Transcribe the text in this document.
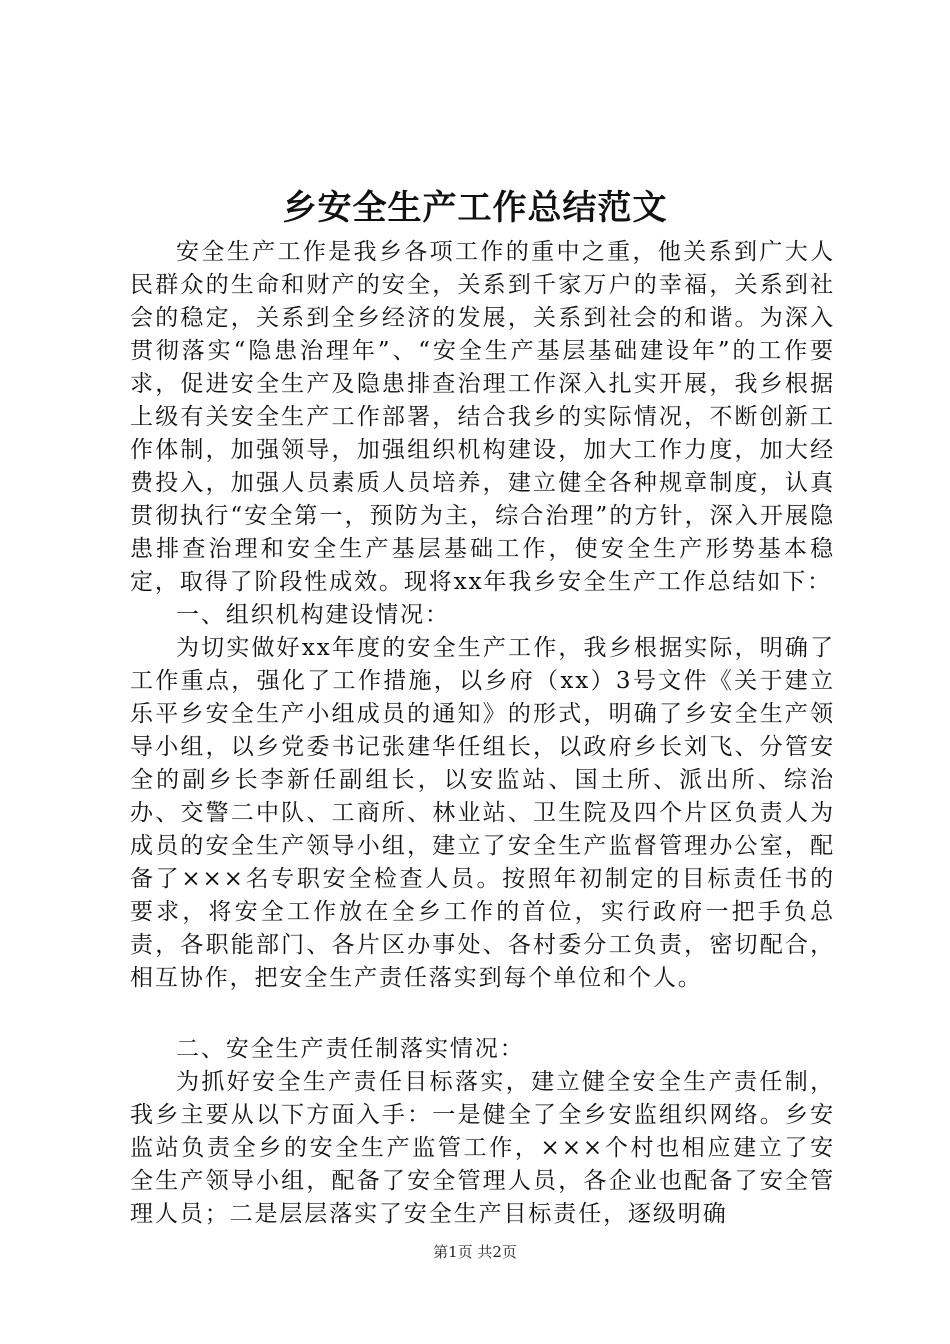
乡安全生产工作总结范文

安全生产工作是我乡各项工作的重中之重，他关系到广大人民群众的生命和财产的安全，关系到千家万户的幸福，关系到社会的稳定，关系到全乡经济的发展，关系到社会的和谐。为深入贯彻落实“隐患治理年”、“安全生产基层基础建设年”的工作要求，促进安全生产及隐患排查治理工作深入扎实开展，我乡根据上级有关安全生产工作部署，结合我乡的实际情况，不断创新工作体制，加强领导，加强组织机构建设，加大工作力度，加大经费投入，加强人员素质人员培养，建立健全各种规章制度，认真贯彻执行“安全第一，预防为主，综合治理”的方针，深入开展隐患排查治理和安全生产基层基础工作，使安全生产形势基本稳定，取得了阶段性成效。现将xx年我乡安全生产工作总结如下：

一、组织机构建设情况：

为切实做好xx年度的安全生产工作，我乡根据实际，明确了工作重点，强化了工作措施，以乡府（xx）3号文件《关于建立乐平乡安全生产小组成员的通知》的形式，明确了乡安全生产领导小组，以乡党委书记张建华任组长，以政府乡长刘飞、分管安全的副乡长李新任副组长，以安监站、国土所、派出所、综治办、交警二中队、工商所、林业站、卫生院及四个片区负责人为成员的安全生产领导小组，建立了安全生产监督管理办公室，配备了×××名专职安全检查人员。按照年初制定的目标责任书的要求，将安全工作放在全乡工作的首位，实行政府一把手负总责，各职能部门、各片区办事处、各村委分工负责，密切配合，相互协作，把安全生产责任落实到每个单位和个人。

二、安全生产责任制落实情况：

为抓好安全生产责任目标落实，建立健全安全生产责任制，我乡主要从以下方面入手：一是健全了全乡安监组织网络。乡安监站负责全乡的安全生产监管工作，×××个村也相应建立了安全生产领导小组，配备了安全管理人员，各企业也配备了安全管理人员；二是层层落实了安全生产目标责任，逐级明确

第1页 共2页
